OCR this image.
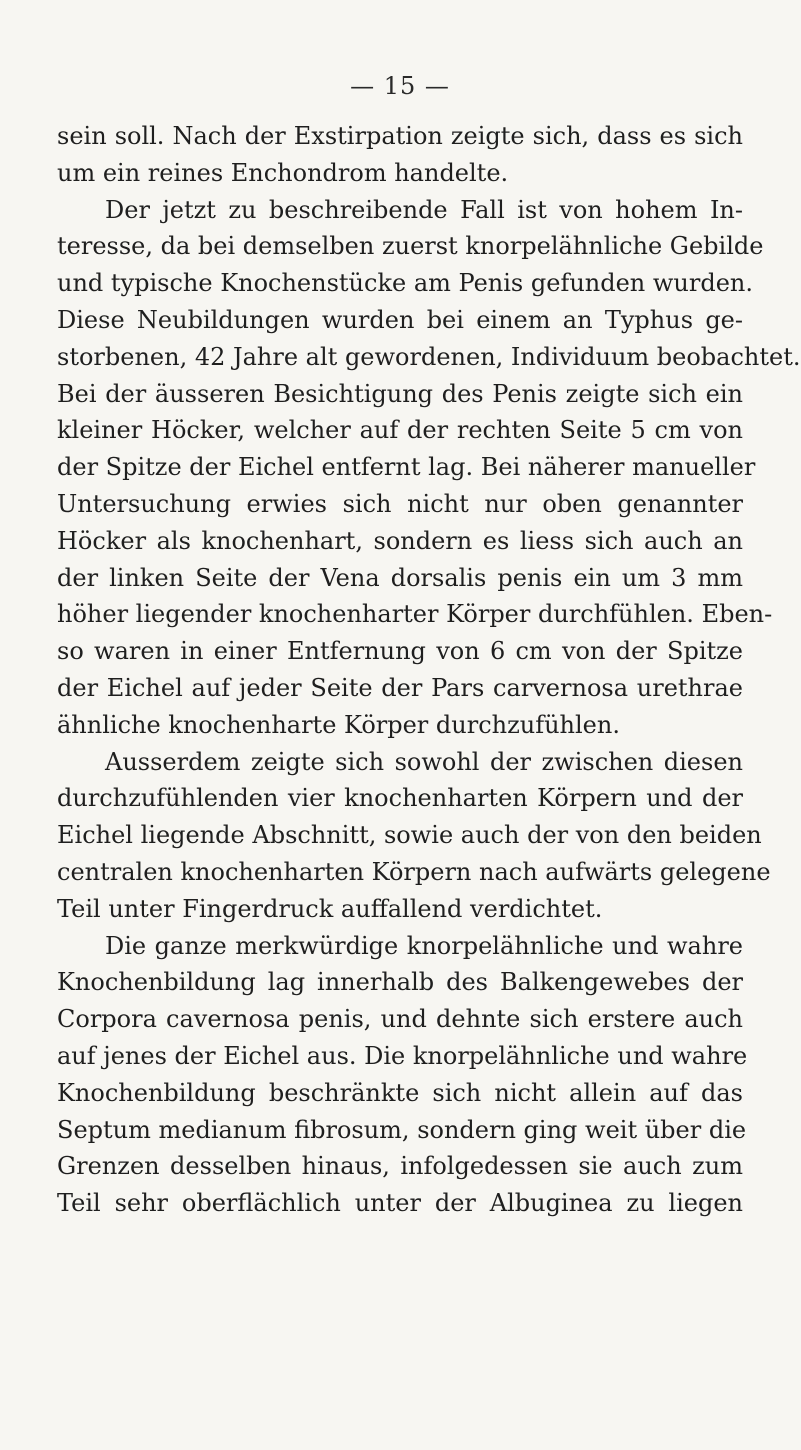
— 15 —
sein soll. Nach der Exstirpation zeigte sich, dass es sich
um ein reines Enchondrom handelte.
Der jetzt zu beschreibende Fall ist von hohem In-
teresse, da bei demselben zuerst knorpelähnliche Gebilde
und typische Knochenstücke am Penis gefunden wurden.
Diese Neubildungen wurden bei einem an Typhus ge-
storbenen, 42 Jahre alt gewordenen, Individuum beobachtet.
Bei der äusseren Besichtigung des Penis zeigte sich ein
kleiner Höcker, welcher auf der rechten Seite 5 cm von
der Spitze der Eichel entfernt lag. Bei näherer manueller
Untersuchung erwies sich nicht nur oben genannter
Höcker als knochenhart, sondern es liess sich auch an
der linken Seite der Vena dorsalis penis ein um 3 mm
höher liegender knochenharter Körper durchfühlen. Eben-
so waren in einer Entfernung von 6 cm von der Spitze
der Eichel auf jeder Seite der Pars carvernosa urethrae
ähnliche knochenharte Körper durchzufühlen.
Ausserdem zeigte sich sowohl der zwischen diesen
durchzufühlenden vier knochenharten Körpern und der
Eichel liegende Abschnitt, sowie auch der von den beiden
centralen knochenharten Körpern nach aufwärts gelegene
Teil unter Fingerdruck auffallend verdichtet.
Die ganze merkwürdige knorpelähnliche und wahre
Knochenbildung lag innerhalb des Balkengewebes der
Corpora cavernosa penis, und dehnte sich erstere auch
auf jenes der Eichel aus. Die knorpelähnliche und wahre
Knochenbildung beschränkte sich nicht allein auf das
Septum medianum fibrosum, sondern ging weit über die
Grenzen desselben hinaus, infolgedessen sie auch zum
Teil sehr oberflächlich unter der Albuginea zu liegen
